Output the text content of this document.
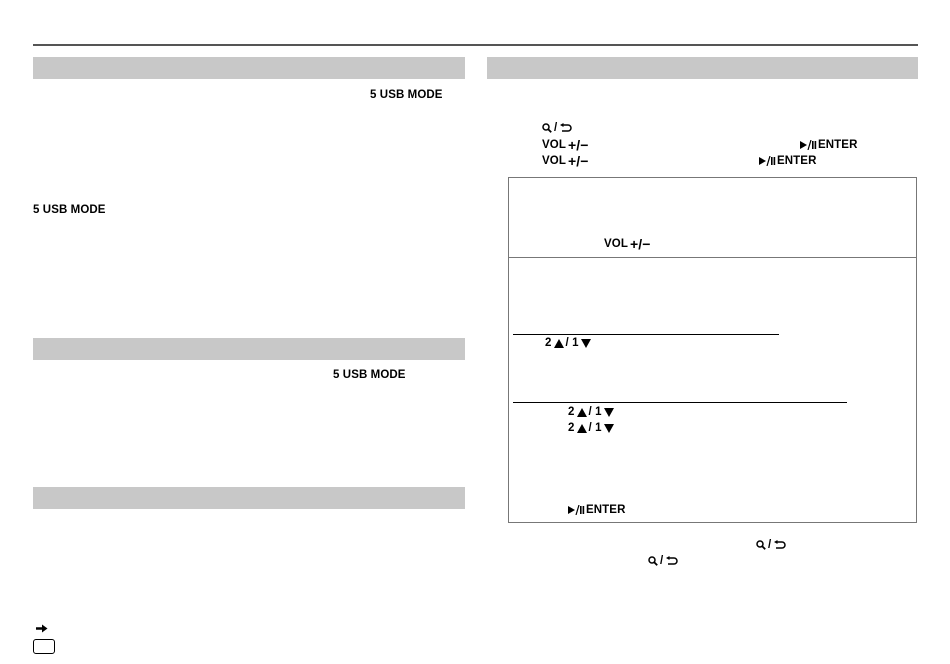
5 USB MODE
5 USB MODE
5 USB MODE
/
VOL +/−	ENTER
VOL +/−	ENTER
VOL +/−
2 / 1
2 / 1
2 / 1
ENTER
/
/
